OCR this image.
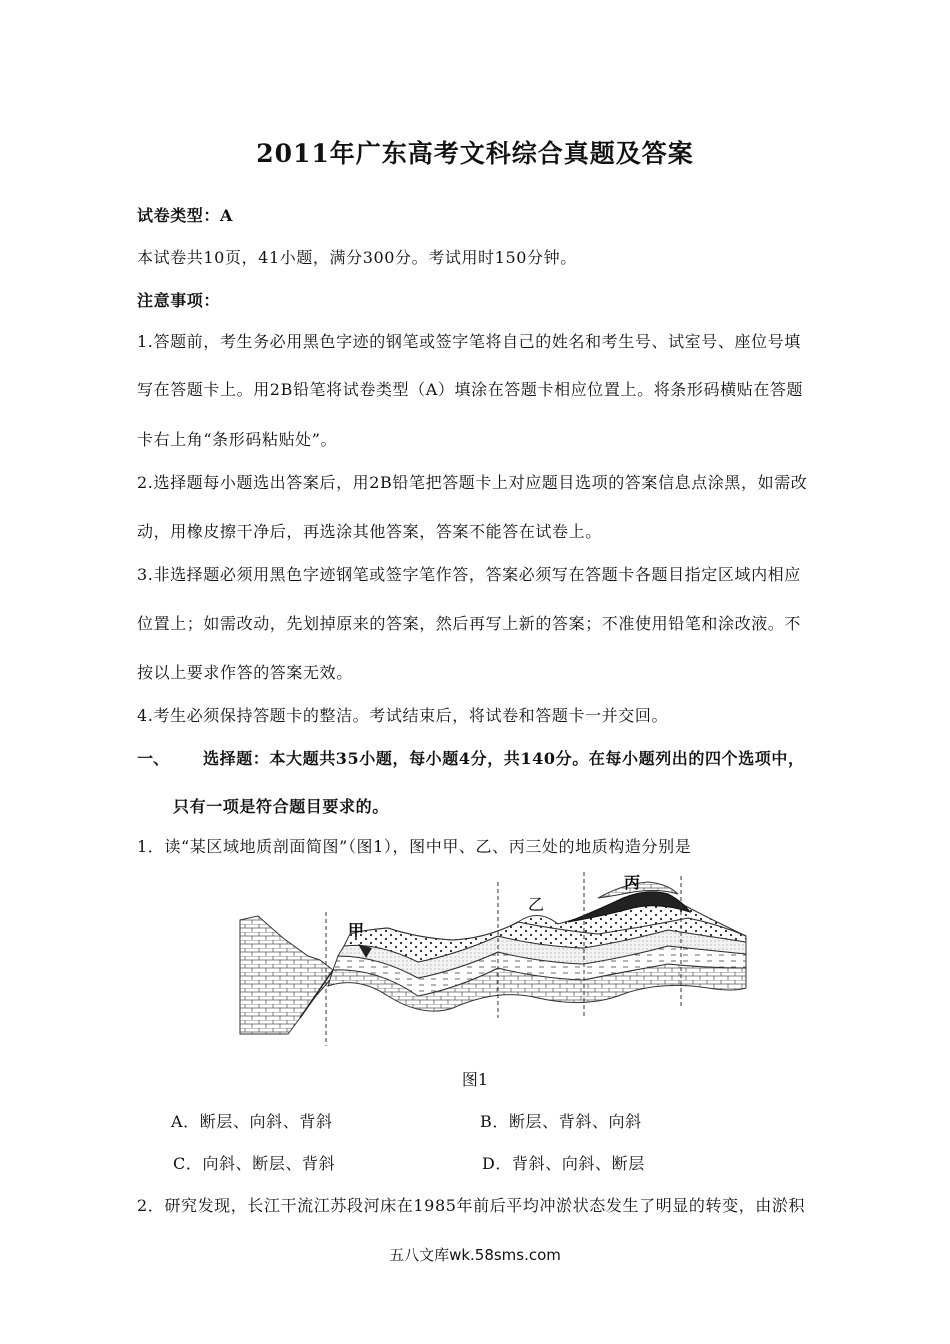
2011年广东高考文科综合真题及答案
试卷类型：A
本试卷共10页，41小题，满分300分。考试用时150分钟。
注意事项：
1.答题前，考生务必用黑色字迹的钢笔或签字笔将自己的姓名和考生号、试室号、座位号填
写在答题卡上。用2B铅笔将试卷类型（A）填涂在答题卡相应位置上。将条形码横贴在答题
卡右上角“条形码粘贴处”。
2.选择题每小题选出答案后，用2B铅笔把答题卡上对应题目选项的答案信息点涂黑，如需改
动，用橡皮擦干净后，再选涂其他答案，答案不能答在试卷上。
3.非选择题必须用黑色字迹钢笔或签字笔作答，答案必须写在答题卡各题目指定区域内相应
位置上；如需改动，先划掉原来的答案，然后再写上新的答案；不准使用铅笔和涂改液。不
按以上要求作答的答案无效。
4.考生必须保持答题卡的整洁。考试结束后，将试卷和答题卡一并交回。
一、 选择题：本大题共35小题，每小题4分，共140分。在每小题列出的四个选项中，
只有一项是符合题目要求的。
1．读“某区域地质剖面简图”（图1），图中甲、乙、丙三处的地质构造分别是
甲
乙
丙
图1
A．断层、向斜、背斜	B．断层、背斜、向斜
C．向斜、断层、背斜	D．背斜、向斜、断层
2．研究发现，长江干流江苏段河床在1985年前后平均冲淤状态发生了明显的转变，由淤积
五八文库wk.58sms.com
